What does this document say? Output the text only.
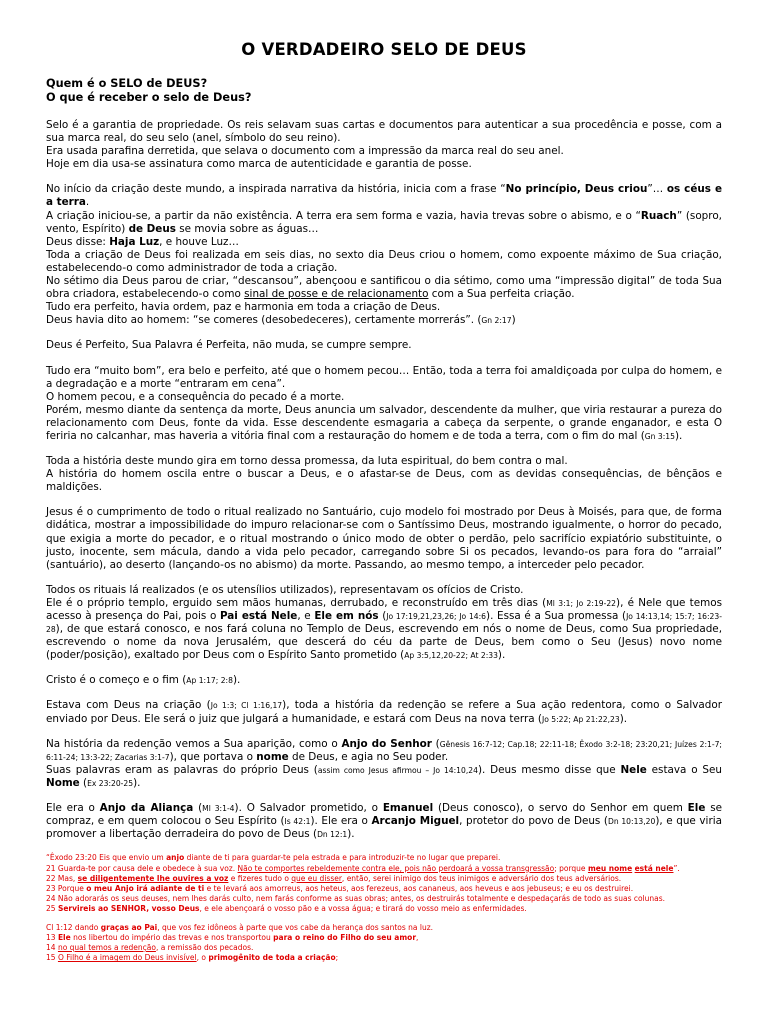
O VERDADEIRO SELO DE DEUS
Quem é o SELO de DEUS?
O que é receber o selo de Deus?
Selo é a garantia de propriedade. Os reis selavam suas cartas e documentos para autenticar a sua procedência e posse, com a sua marca real, do seu selo (anel, símbolo do seu reino).
Era usada parafina derretida, que selava o documento com a impressão da marca real do seu anel.
Hoje em dia usa-se assinatura como marca de autenticidade e garantia de posse.
No início da criação deste mundo, a inspirada narrativa da história, inicia com a frase “No princípio, Deus criou”… os céus e a terra.
A criação iniciou-se, a partir da não existência. A terra era sem forma e vazia, havia trevas sobre o abismo, e o “Ruach” (sopro, vento, Espírito) de Deus se movia sobre as águas…
Deus disse: Haja Luz, e houve Luz…
Toda a criação de Deus foi realizada em seis dias, no sexto dia Deus criou o homem, como expoente máximo de Sua criação, estabelecendo-o como administrador de toda a criação.
No sétimo dia Deus parou de criar, “descansou”, abençoou e santificou o dia sétimo, como uma “impressão digital” de toda Sua obra criadora, estabelecendo-o como sinal de posse e de relacionamento com a Sua perfeita criação.
Tudo era perfeito, havia ordem, paz e harmonia em toda a criação de Deus.
Deus havia dito ao homem: “se comeres (desobedeceres), certamente morrerás”. (Gn 2:17)
Deus é Perfeito, Sua Palavra é Perfeita, não muda, se cumpre sempre.
Tudo era “muito bom”, era belo e perfeito, até que o homem pecou… Então, toda a terra foi amaldiçoada por culpa do homem, e a degradação e a morte “entraram em cena”.
O homem pecou, e a consequência do pecado é a morte.
Porém, mesmo diante da sentença da morte, Deus anuncia um salvador, descendente da mulher, que viria restaurar a pureza do relacionamento com Deus, fonte da vida. Esse descendente esmagaria a cabeça da serpente, o grande enganador, e esta O feriria no calcanhar, mas haveria a vitória final com a restauração do homem e de toda a terra, com o fim do mal (Gn 3:15).
Toda a história deste mundo gira em torno dessa promessa, da luta espiritual, do bem contra o mal.
A história do homem oscila entre o buscar a Deus, e o afastar-se de Deus, com as devidas consequências, de bênçãos e maldições.
Jesus é o cumprimento de todo o ritual realizado no Santuário, cujo modelo foi mostrado por Deus à Moisés, para que, de forma didática, mostrar a impossibilidade do impuro relacionar-se com o Santíssimo Deus, mostrando igualmente, o horror do pecado, que exigia a morte do pecador, e o ritual mostrando o único modo de obter o perdão, pelo sacrifício expiatório substituinte, o justo, inocente, sem mácula, dando a vida pelo pecador, carregando sobre Si os pecados, levando-os para fora do “arraial” (santuário), ao deserto (lançando-os no abismo) da morte. Passando, ao mesmo tempo, a interceder pelo pecador.
Todos os rituais lá realizados (e os utensílios utilizados), representavam os ofícios de Cristo.
Ele é o próprio templo, erguido sem mãos humanas, derrubado, e reconstruído em três dias (Ml 3:1; Jo 2:19-22), é Nele que temos acesso à presença do Pai, pois o Pai está Nele, e Ele em nós (Jo 17:19,21,23,26; Jo 14:6). Essa é a Sua promessa (Jo 14:13,14; 15:7; 16:23-28), de que estará conosco, e nos fará coluna no Templo de Deus, escrevendo em nós o nome de Deus, como Sua propriedade, escrevendo o nome da nova Jerusalém, que descerá do céu da parte de Deus, bem como o Seu (Jesus) novo nome (poder/posição), exaltado por Deus com o Espírito Santo prometido (Ap 3:5,12,20-22; At 2:33).
Cristo é o começo e o fim (Ap 1:17; 2:8).
Estava com Deus na criação (Jo 1:3; Cl 1:16,17), toda a história da redenção se refere a Sua ação redentora, como o Salvador enviado por Deus. Ele será o juiz que julgará a humanidade, e estará com Deus na nova terra (Jo 5:22; Ap 21:22,23).
Na história da redenção vemos a Sua aparição, como o Anjo do Senhor (Gênesis 16:7-12; Cap.18; 22:11-18; Êxodo 3:2-18; 23:20,21; Juízes 2:1-7; 6:11-24; 13:3-22; Zacarias 3:1-7), que portava o nome de Deus, e agia no Seu poder.
Suas palavras eram as palavras do próprio Deus (assim como Jesus afirmou – Jo 14:10,24). Deus mesmo disse que Nele estava o Seu Nome (Ex 23:20-25).
Ele era o Anjo da Aliança (Ml 3:1-4). O Salvador prometido, o Emanuel (Deus conosco), o servo do Senhor em quem Ele se compraz, e em quem colocou o Seu Espírito (Is 42:1). Ele era o Arcanjo Miguel, protetor do povo de Deus (Dn 10:13,20), e que viria promover a libertação derradeira do povo de Deus (Dn 12:1).
“Êxodo 23:20 Eis que envio um anjo diante de ti para guardar-te pela estrada e para introduzir-te no lugar que preparei.
21 Guarda-te por causa dele e obedece à sua voz. Não te comportes rebeldemente contra ele, pois não perdoará a vossa transgressão; porque meu nome está nele”.
22 Mas, se diligentemente lhe ouvires a voz e fizeres tudo o que eu disser, então, serei inimigo dos teus inimigos e adversário dos teus adversários.
23 Porque o meu Anjo irá adiante de ti e te levará aos amorreus, aos heteus, aos ferezeus, aos cananeus, aos heveus e aos jebuseus; e eu os destruirei.
24 Não adorarás os seus deuses, nem lhes darás culto, nem farás conforme as suas obras; antes, os destruirás totalmente e despedaçarás de todo as suas colunas.
25 Servireis ao SENHOR, vosso Deus, e ele abençoará o vosso pão e a vossa água; e tirará do vosso meio as enfermidades.
Cl 1:12 dando graças ao Pai, que vos fez idôneos à parte que vos cabe da herança dos santos na luz.
13 Ele nos libertou do império das trevas e nos transportou para o reino do Filho do seu amor,
14 no qual temos a redenção, a remissão dos pecados.
15 O Filho é a imagem do Deus invisível, o primogênito de toda a criação;
